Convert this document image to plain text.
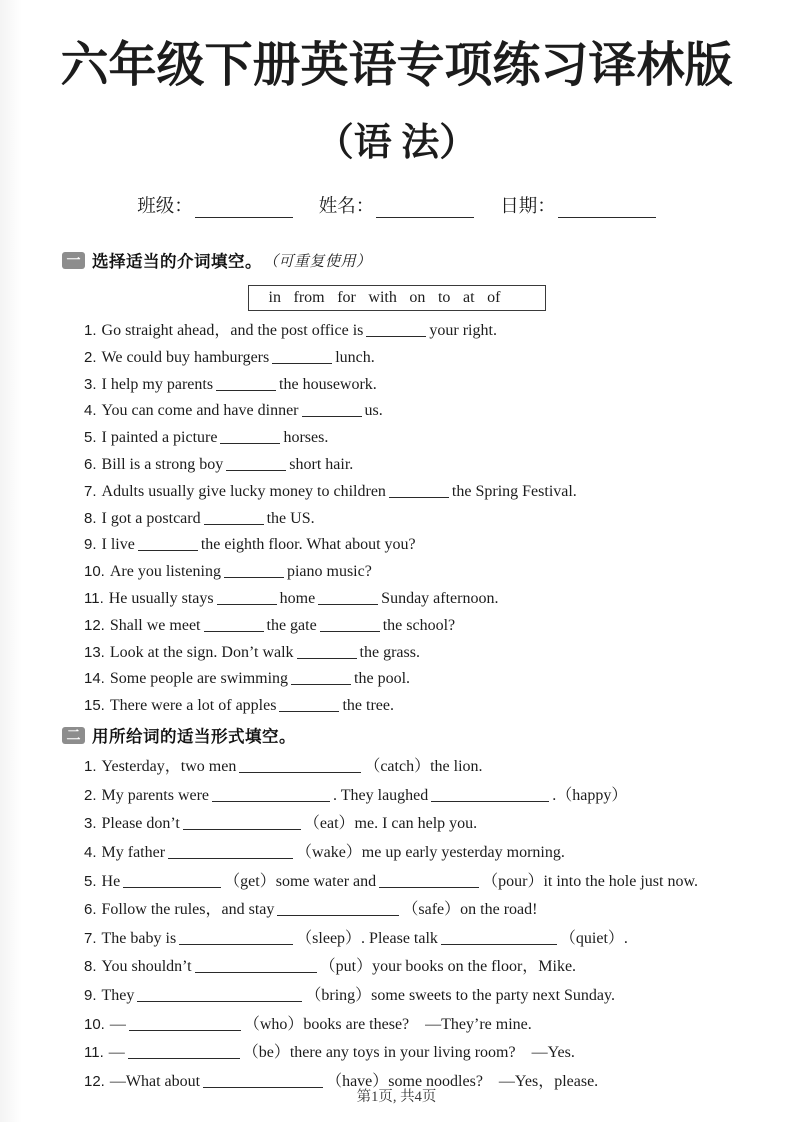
六年级下册英语专项练习译林版
（语 法）
班级：	姓名：	日期：
一 选择适当的介词填空。 （可重复使用）
in from for with on to at of
1. Go straight ahead，and the post office is	your right.
2. We could buy hamburgers	lunch.
3. I help my parents	the housework.
4. You can come and have dinner	us.
5. I painted a picture	horses.
6. Bill is a strong boy	short hair.
7. Adults usually give lucky money to children	the Spring Festival.
8. I got a postcard	the US.
9. I live	the eighth floor. What about you?
10. Are you listening	piano music?
11. He usually stays	home	Sunday afternoon.
12. Shall we meet	the gate	the school?
13. Look at the sign. Don’t walk	the grass.
14. Some people are swimming	the pool.
15. There were a lot of apples	the tree.
二 用所给词的适当形式填空。
1. Yesterday，two men	（catch）the lion.
2. My parents were	. They laughed	.（happy）
3. Please don’t	（eat）me. I can help you.
4. My father	（wake）me up early yesterday morning.
5. He	（get）some water and	（pour）it into the hole just now.
6. Follow the rules，and stay	（safe）on the road!
7. The baby is	（sleep）. Please talk	（quiet）.
8. You shouldn’t	（put）your books on the floor，Mike.
9. They	（bring）some sweets to the party next Sunday.
10. —	（who）books are these? —They’re mine.
11. —	（be）there any toys in your living room? —Yes.
12. —What about	（have）some noodles? —Yes，please.
第1页, 共4页
